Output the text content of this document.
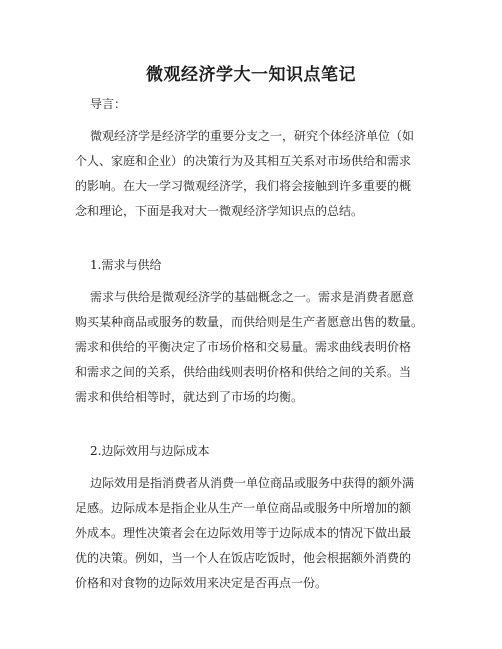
微观经济学大一知识点笔记
导言：
微观经济学是经济学的重要分支之一，研究个体经济单位（如
个人、家庭和企业）的决策行为及其相互关系对市场供给和需求
的影响。在大一学习微观经济学，我们将会接触到许多重要的概
念和理论，下面是我对大一微观经济学知识点的总结。
1.需求与供给
需求与供给是微观经济学的基础概念之一。需求是消费者愿意
购买某种商品或服务的数量，而供给则是生产者愿意出售的数量。
需求和供给的平衡决定了市场价格和交易量。需求曲线表明价格
和需求之间的关系，供给曲线则表明价格和供给之间的关系。当
需求和供给相等时，就达到了市场的均衡。
2.边际效用与边际成本
边际效用是指消费者从消费一单位商品或服务中获得的额外满
足感。边际成本是指企业从生产一单位商品或服务中所增加的额
外成本。理性决策者会在边际效用等于边际成本的情况下做出最
优的决策。例如，当一个人在饭店吃饭时，他会根据额外消费的
价格和对食物的边际效用来决定是否再点一份。
